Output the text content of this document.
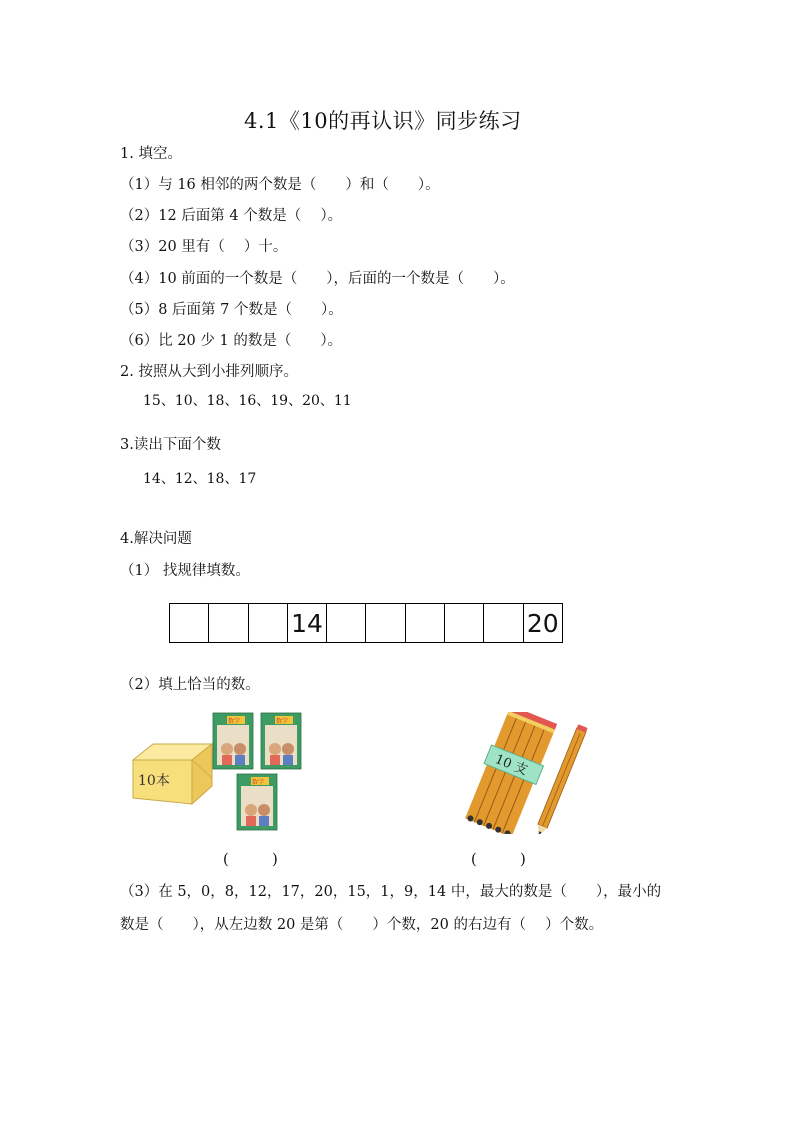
4.1《10的再认识》同步练习
1. 填空。
（1）与 16 相邻的两个数是（　　）和（　　）。
（2）12 后面第 4 个数是（　 ）。
（3）20 里有（　 ）十。
（4）10 前面的一个数是（　　），后面的一个数是（　　）。
（5）8 后面第 7 个数是（　　）。
（6）比 20 少 1 的数是（　　）。
2. 按照从大到小排列顺序。
15、10、18、16、19、20、11
3.读出下面个数
14、12、18、17
4.解决问题
（1） 找规律填数。
14	20
（2）填上恰当的数。
10本
数学	数学
数学
10 支
(　　　)	(　　　)
（3）在 5，0，8，12，17，20，15，1，9，14 中，最大的数是（　　），最小的
数是（　　），从左边数 20 是第（　　）个数，20 的右边有（　 ）个数。
